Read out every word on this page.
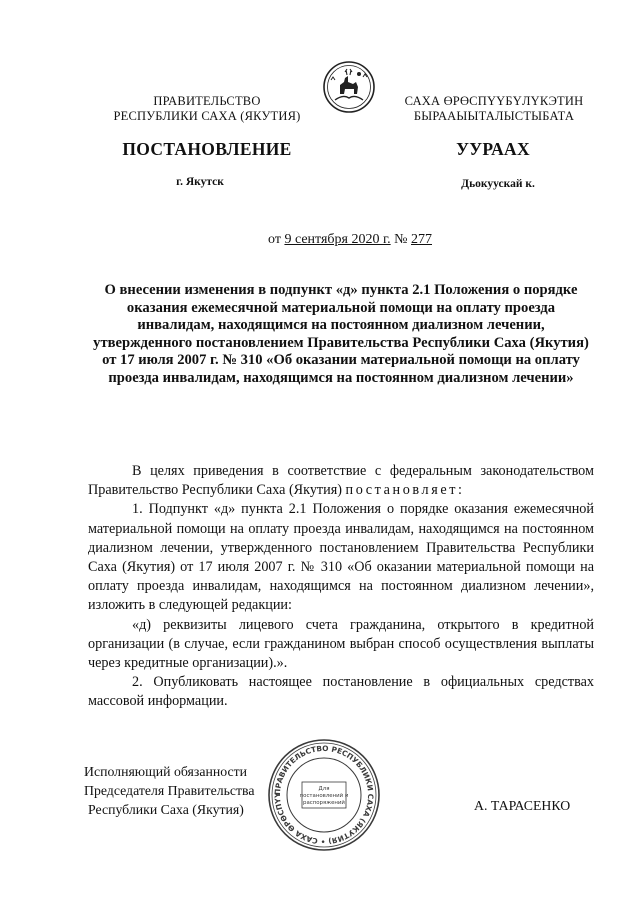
ПРАВИТЕЛЬСТВО
РЕСПУБЛИКИ САХА (ЯКУТИЯ)
САХА ӨРӨСПҮҮБҮЛҮКЭТИН
БЫРААЫЫТАЛЫСТЫБАТА
ПОСТАНОВЛЕНИЕ	УУРААХ
г. Якутск	Дьокуускай к.
от 9 сентября 2020 г. № 277
О внесении изменения в подпункт «д» пункта 2.1 Положения о порядке оказания ежемесячной материальной помощи на оплату проезда инвалидам, находящимся на постоянном диализном лечении, утвержденного постановлением Правительства Республики Саха (Якутия) от 17 июля 2007 г. № 310 «Об оказании материальной помощи на оплату проезда инвалидам, находящимся на постоянном диализном лечении»

В целях приведения в соответствие с федеральным законодательством Правительство Республики Саха (Якутия) постановляет:

1. Подпункт «д» пункта 2.1 Положения о порядке оказания ежемесячной материальной помощи на оплату проезда инвалидам, находящимся на постоянном диализном лечении, утвержденного постановлением Правительства Республики Саха (Якутия) от 17 июля 2007 г. № 310 «Об оказании материальной помощи на оплату проезда инвалидам, находящимся на постоянном диализном лечении», изложить в следующей редакции:

«д) реквизиты лицевого счета гражданина, открытого в кредитной организации (в случае, если гражданином выбран способ осуществления выплаты через кредитные организации).».

2. Опубликовать настоящее постановление в официальных средствах массовой информации.

Исполняющий обязанности
Председателя Правительства
Республики Саха (Якутия)	А. ТАРАСЕНКО
ПРАВИТЕЛЬСТВО РЕСПУБЛИКИ САХА (ЯКУТИЯ) • САХА ӨРӨСПҮҮ
Для
постановлений и
распоряжений
